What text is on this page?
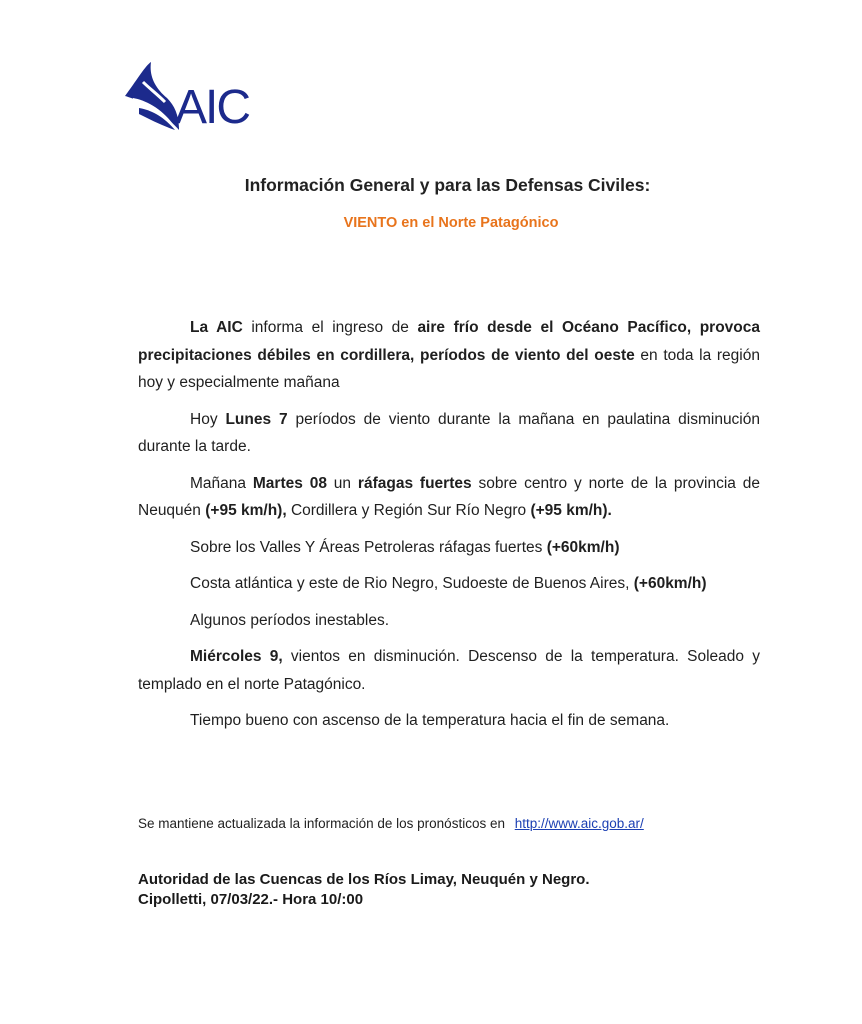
AIC
Información General y para las Defensas Civiles:
VIENTO en el Norte Patagónico

La AIC informa el ingreso de aire frío desde el Océano Pacífico, provoca precipitaciones débiles en cordillera, períodos de viento del oeste en toda la región hoy y especialmente mañana

Hoy Lunes 7 períodos de viento durante la mañana en paulatina disminución durante la tarde.

Mañana Martes 08 un ráfagas fuertes sobre centro y norte de la provincia de Neuquén (+95 km/h), Cordillera y Región Sur Río Negro (+95 km/h).

Sobre los Valles Y Áreas Petroleras ráfagas fuertes (+60km/h)

Costa atlántica y este de Rio Negro, Sudoeste de Buenos Aires, (+60km/h)

Algunos períodos inestables.

Miércoles 9, vientos en disminución. Descenso de la temperatura. Soleado y templado en el norte Patagónico.

Tiempo bueno con ascenso de la temperatura hacia el fin de semana.

Se mantiene actualizada la información de los pronósticos en http://www.aic.gob.ar/
Autoridad de las Cuencas de los Ríos Limay, Neuquén y Negro.
Cipolletti, 07/03/22.- Hora 10/:00
